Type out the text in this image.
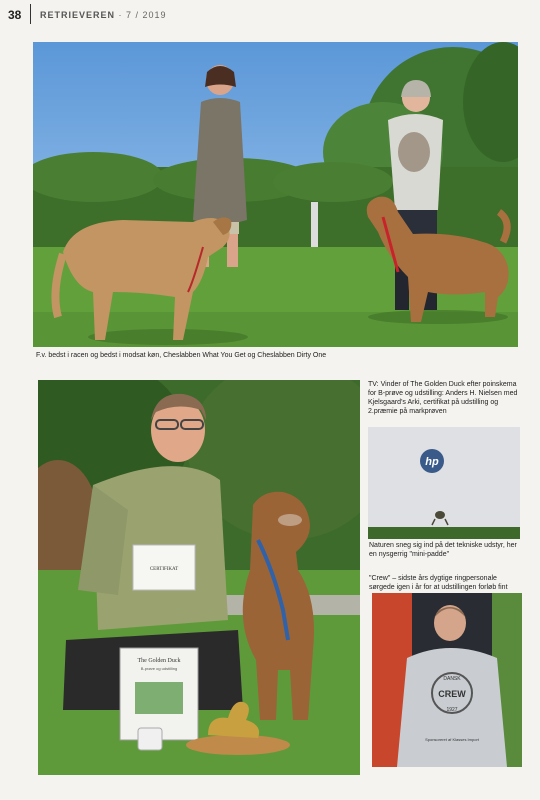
38 RETRIEVEREN · 7 / 2019
F.v. bedst i racen og bedst i modsat køn, Cheslabben What You Get og Cheslabben Dirty One
CERTIFIKAT
The Golden Duck
B-prøve og udstilling
TV: Vinder of The Golden Duck efter poinskema for B-prøve og udstilling: Anders H. Nielsen med Kjelsgaard's Arki, certifikat på udstilling og 2.præmie på markprøven
hp
Naturen sneg sig ind på det tekniske udstyr, her en nysgerrig "mini-padde"
"Crew" – sidste års dygtige ringpersonale sørgede igen i år for at udstillingen forløb fint
CREW
DANSK
1927
Sponsoreret af Klasses Import
